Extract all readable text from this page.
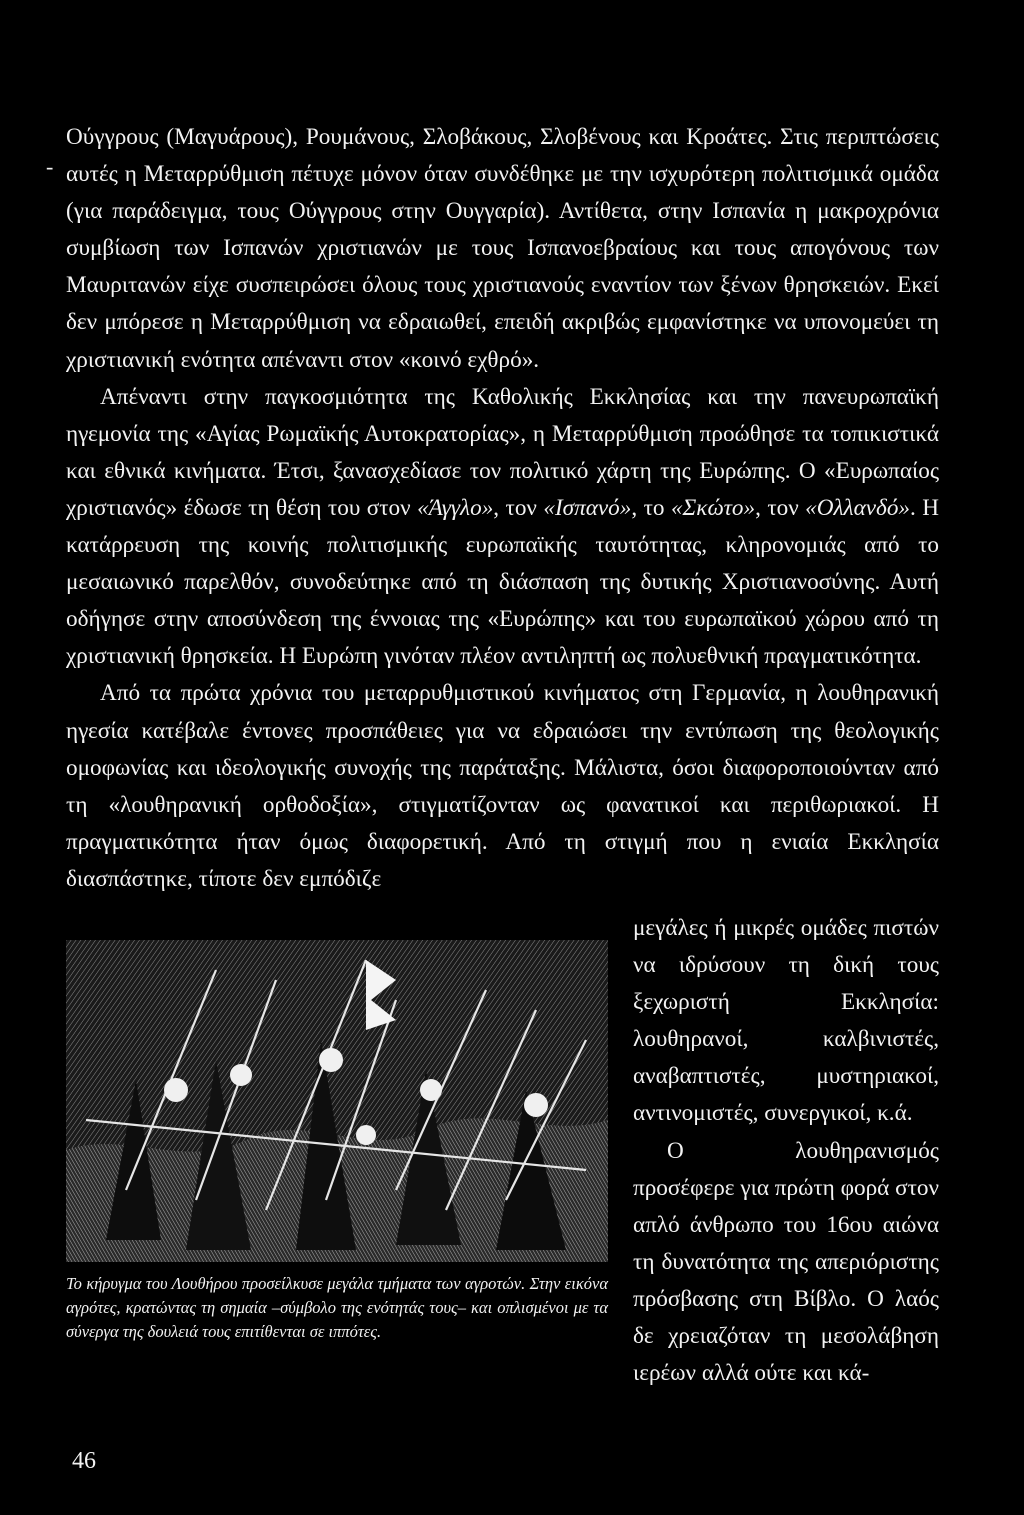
Ούγγρους (Μαγυάρους), Ρουμάνους, Σλοβάκους, Σλοβένους και Κροάτες. Στις περιπτώσεις αυτές η Μεταρρύθμιση πέτυχε μόνον όταν συνδέθηκε με την ισχυρότερη πολιτισμικά ομάδα (για παράδειγμα, τους Ούγγρους στην Ουγγαρία). Αντίθετα, στην Ισπανία η μακροχρόνια συμβίωση των Ισπανών χριστιανών με τους Ισπανοεβραίους και τους απογόνους των Μαυριτανών είχε συσπειρώσει όλους τους χριστιανούς εναντίον των ξένων θρησκειών. Εκεί δεν μπόρεσε η Μεταρρύθμιση να εδραιωθεί, επειδή ακριβώς εμφανίστηκε να υπονομεύει τη χριστιανική ενότητα απέναντι στον «κοινό εχθρό».

Απέναντι στην παγκοσμιότητα της Καθολικής Εκκλησίας και την πανευρωπαϊκή ηγεμονία της «Αγίας Ρωμαϊκής Αυτοκρατορίας», η Μεταρρύθμιση προώθησε τα τοπικιστικά και εθνικά κινήματα. Έτσι, ξανασχεδίασε τον πολιτικό χάρτη της Ευρώπης. Ο «Ευρωπαίος χριστιανός» έδωσε τη θέση του στον «Άγγλο», τον «Ισπανό», το «Σκώτο», τον «Ολλανδό». Η κατάρρευση της κοινής πολιτισμικής ευρωπαϊκής ταυτότητας, κληρονομιάς από το μεσαιωνικό παρελθόν, συνοδεύτηκε από τη διάσπαση της δυτικής Χριστιανοσύνης. Αυτή οδήγησε στην αποσύνδεση της έννοιας της «Ευρώπης» και του ευρωπαϊκού χώρου από τη χριστιανική θρησκεία. Η Ευρώπη γινόταν πλέον αντιληπτή ως πολυεθνική πραγματικότητα.

Από τα πρώτα χρόνια του μεταρρυθμιστικού κινήματος στη Γερμανία, η λουθηρανική ηγεσία κατέβαλε έντονες προσπάθειες για να εδραιώσει την εντύπωση της θεολογικής ομοφωνίας και ιδεολογικής συνοχής της παράταξης. Μάλιστα, όσοι διαφοροποιούνταν από τη «λουθηρανική ορθοδοξία», στιγματίζονταν ως φανατικοί και περιθωριακοί. Η πραγματικότητα ήταν όμως διαφορετική. Από τη στιγμή που η ενιαία Εκκλησία διασπάστηκε, τίποτε δεν εμπόδιζε

-

Το κήρυγμα του Λουθήρου προσείλκυσε μεγάλα τμήματα των αγροτών. Στην εικόνα αγρότες, κρατώντας τη σημαία –σύμβολο της ενότητάς τους– και οπλισμένοι με τα σύνεργα της δουλειά τους επιτίθενται σε ιππότες.

μεγάλες ή μικρές ομάδες πιστών να ιδρύσουν τη δική τους ξεχωριστή Εκκλησία: λουθηρανοί, καλβινιστές, αναβαπτιστές, μυστηριακοί, αντινομιστές, συνεργικοί, κ.ά.

Ο λουθηρανισμός προσέφερε για πρώτη φορά στον απλό άνθρωπο του 16ου αιώνα τη δυνατότητα της απεριόριστης πρόσβασης στη Βίβλο. Ο λαός δε χρειαζόταν τη μεσολάβηση ιερέων αλλά ούτε και κά-

46
